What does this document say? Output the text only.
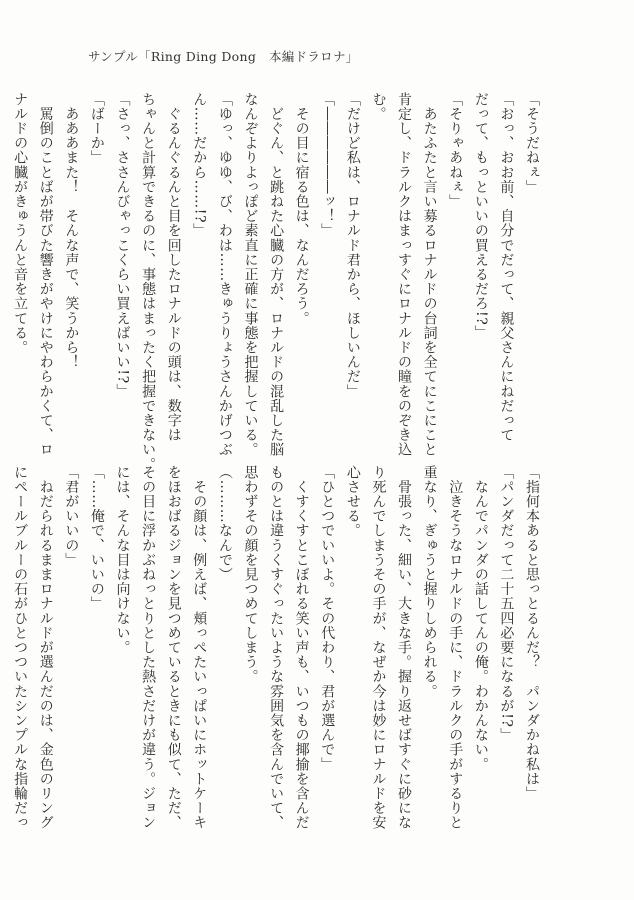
サンプル「Ring Ding Dong　本編ドラロナ」
「そうだねぇ」
「おっ、おお前、自分でだって、親父さんにねだって
だって、もっといいの買えるだろ!?」
「そりゃあねぇ」
　あたふたと言い募るロナルドの台詞を全てにこにこと
肯定し、ドラルクはまっすぐにロナルドの瞳をのぞき込
む。
「だけど私は、ロナルド君から、ほしいんだ」
「――――――ッ！」
　その目に宿る色は、なんだろう。
　どぐん、と跳ねた心臓の方が、ロナルドの混乱した脳
なんぞよりよっぽど素直に正確に事態を把握している。
「ゆっ、ゆゆ、び、わは……きゅうりょうさんかげつぶ
ん……だから……!?」
　ぐるんぐるんと目を回したロナルドの頭は、数字は
ちゃんと計算できるのに、事態はまったく把握できない。
「さっ、ささんびゃっこくらい買えばいい!?」
「ばーか」
　あああまた！　そんな声で、笑うから！
　罵倒のことばが帯びた響きがやけにやわらかくて、ロ
ナルドの心臓がきゅうんと音を立てる。
「指何本あると思っとるんだ？　パンダかね私は」
「パンダだって二十五四必要になるが!?」
　なんでパンダの話してんの俺。わかんない。
　泣きそうなロナルドの手に、ドラルクの手がするりと
重なり、ぎゅうと握りしめられる。
　骨張った、細い、大きな手。握り返せばすぐに砂にな
り死んでしまうその手が、なぜか今は妙にロナルドを安
心させる。
「ひとつでいいよ。その代わり、君が選んで」
　くすくすとこぼれる笑い声も、いつもの揶揄を含んだ
ものとは違うくすぐったいような雰囲気を含んでいて、
思わずその顔を見つめてしまう。
（………なんで）
　その顔は、例えば、頬っぺたいっぱいにホットケーキ
をほおばるジョンを見つめているときにも似て、ただ、
その目に浮かぶねっとりとした熱さだけが違う。ジョン
には、そんな目は向けない。
「……俺で、いいの」
「君がいいの」
　ねだられるままロナルドが選んだのは、金色のリング
にペールブルーの石がひとつついたシンプルな指輪だっ
